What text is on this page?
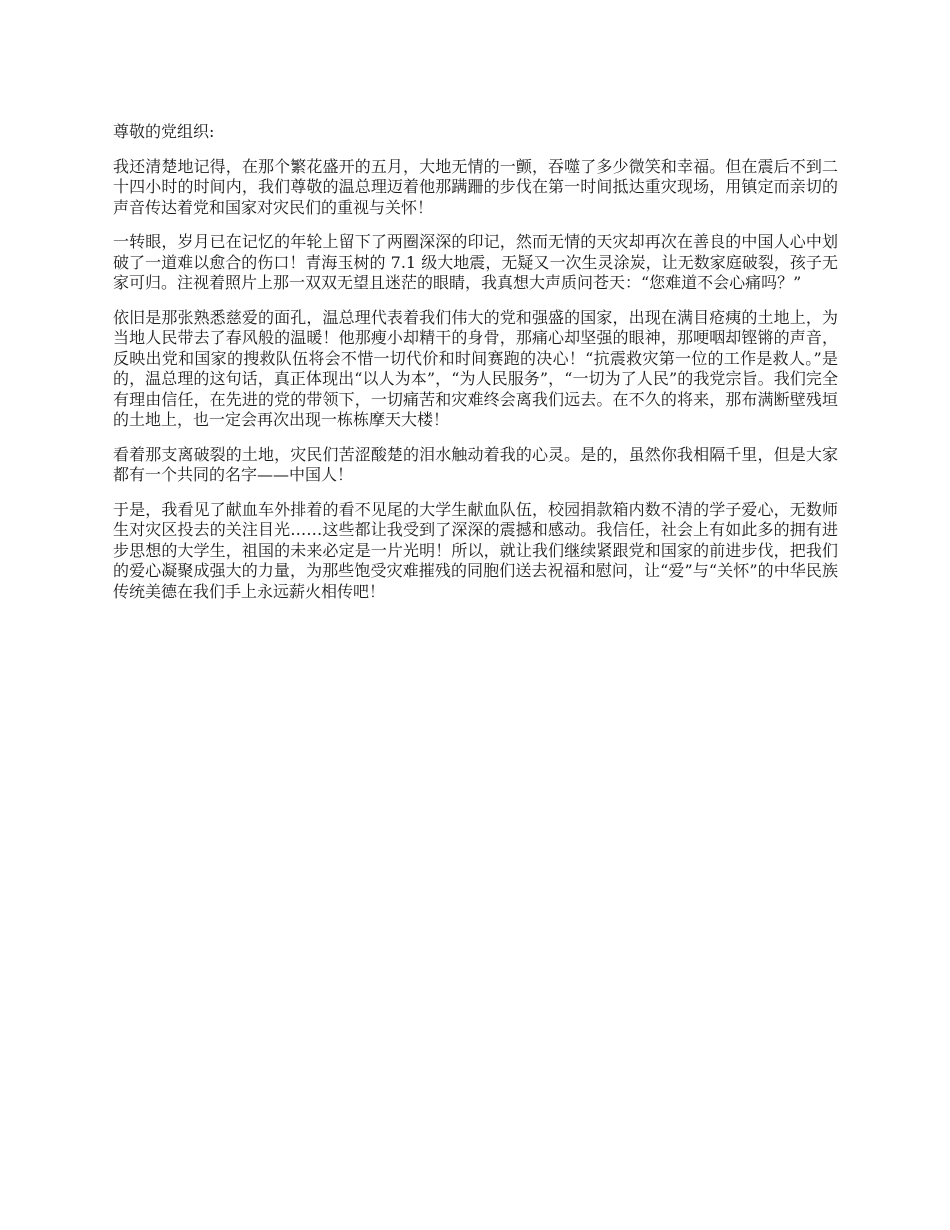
尊敬的党组织:

我还清楚地记得，在那个繁花盛开的五月，大地无情的一颤，吞噬了多少微笑和幸福。但在震后不到二十四小时的时间内，我们尊敬的温总理迈着他那蹒跚的步伐在第一时间抵达重灾现场，用镇定而亲切的声音传达着党和国家对灾民们的重视与关怀！

一转眼，岁月已在记忆的年轮上留下了两圈深深的印记，然而无情的天灾却再次在善良的中国人心中划破了一道难以愈合的伤口！青海玉树的 7.1 级大地震，无疑又一次生灵涂炭，让无数家庭破裂，孩子无家可归。注视着照片上那一双双无望且迷茫的眼睛，我真想大声质问苍天：“您难道不会心痛吗？”

依旧是那张熟悉慈爱的面孔，温总理代表着我们伟大的党和强盛的国家，出现在满目疮痍的土地上，为当地人民带去了春风般的温暖！他那瘦小却精干的身骨，那痛心却坚强的眼神，那哽咽却铿锵的声音，反映出党和国家的搜救队伍将会不惜一切代价和时间赛跑的决心！“抗震救灾第一位的工作是救人。”是的，温总理的这句话，真正体现出“以人为本”，“为人民服务”，“一切为了人民”的我党宗旨。我们完全有理由信任，在先进的党的带领下，一切痛苦和灾难终会离我们远去。在不久的将来，那布满断壁残垣的土地上，也一定会再次出现一栋栋摩天大楼！

看着那支离破裂的土地，灾民们苦涩酸楚的泪水触动着我的心灵。是的，虽然你我相隔千里，但是大家都有一个共同的名字——中国人！

于是，我看见了献血车外排着的看不见尾的大学生献血队伍，校园捐款箱内数不清的学子爱心，无数师生对灾区投去的关注目光……这些都让我受到了深深的震撼和感动。我信任，社会上有如此多的拥有进步思想的大学生，祖国的未来必定是一片光明！所以，就让我们继续紧跟党和国家的前进步伐，把我们的爱心凝聚成强大的力量，为那些饱受灾难摧残的同胞们送去祝福和慰问，让“爱”与“关怀”的中华民族传统美德在我们手上永远薪火相传吧！
